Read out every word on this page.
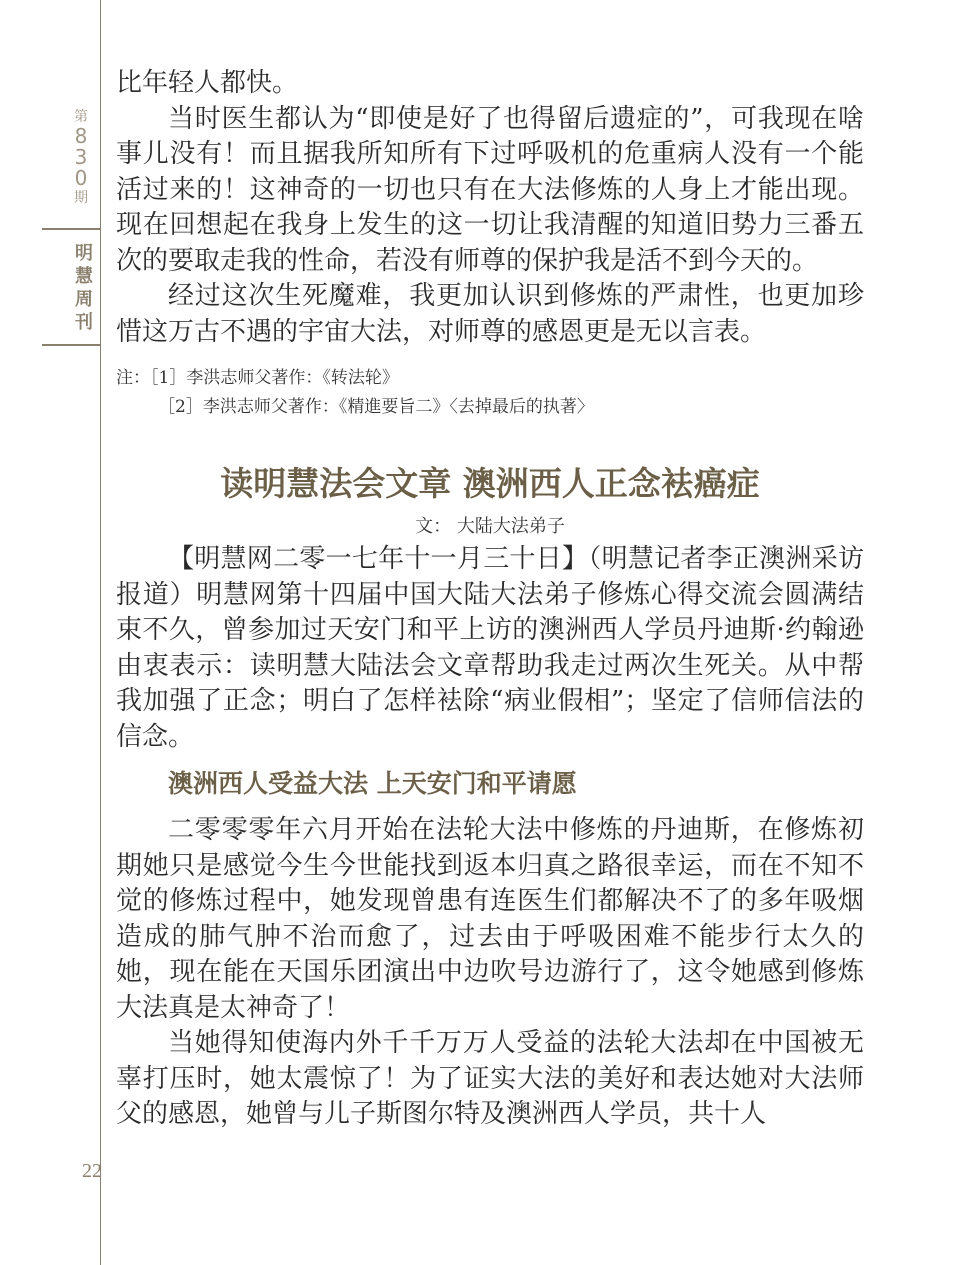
第
8
3
0
期
明
慧
周
刊
22

比年轻人都快。

当时医生都认为“即使是好了也得留后遗症的”，可我现在啥事儿没有！而且据我所知所有下过呼吸机的危重病人没有一个能活过来的！这神奇的一切也只有在大法修炼的人身上才能出现。现在回想起在我身上发生的这一切让我清醒的知道旧势力三番五次的要取走我的性命，若没有师尊的保护我是活不到今天的。

经过这次生死魔难，我更加认识到修炼的严肃性，也更加珍惜这万古不遇的宇宙大法，对师尊的感恩更是无以言表。

注：［1］李洪志师父著作：《转法轮》
［2］李洪志师父著作：《精進要旨二》〈去掉最后的执著〉
读明慧法会文章 澳洲西人正念袪癌症
文： 大陆大法弟子

【明慧网二零一七年十一月三十日】（明慧记者李正澳洲采访报道）明慧网第十四届中国大陆大法弟子修炼心得交流会圆满结束不久，曾参加过天安门和平上访的澳洲西人学员丹迪斯·约翰逊由衷表示：读明慧大陆法会文章帮助我走过两次生死关。从中帮我加强了正念；明白了怎样袪除“病业假相”；坚定了信师信法的信念。

澳洲西人受益大法 上天安门和平请愿

二零零零年六月开始在法轮大法中修炼的丹迪斯，在修炼初期她只是感觉今生今世能找到返本归真之路很幸运，而在不知不觉的修炼过程中，她发现曾患有连医生们都解决不了的多年吸烟造成的肺气肿不治而愈了，过去由于呼吸困难不能步行太久的她，现在能在天国乐团演出中边吹号边游行了，这令她感到修炼大法真是太神奇了！

当她得知使海内外千千万万人受益的法轮大法却在中国被无辜打压时，她太震惊了！为了证实大法的美好和表达她对大法师父的感恩，她曾与儿子斯图尔特及澳洲西人学员，共十人
